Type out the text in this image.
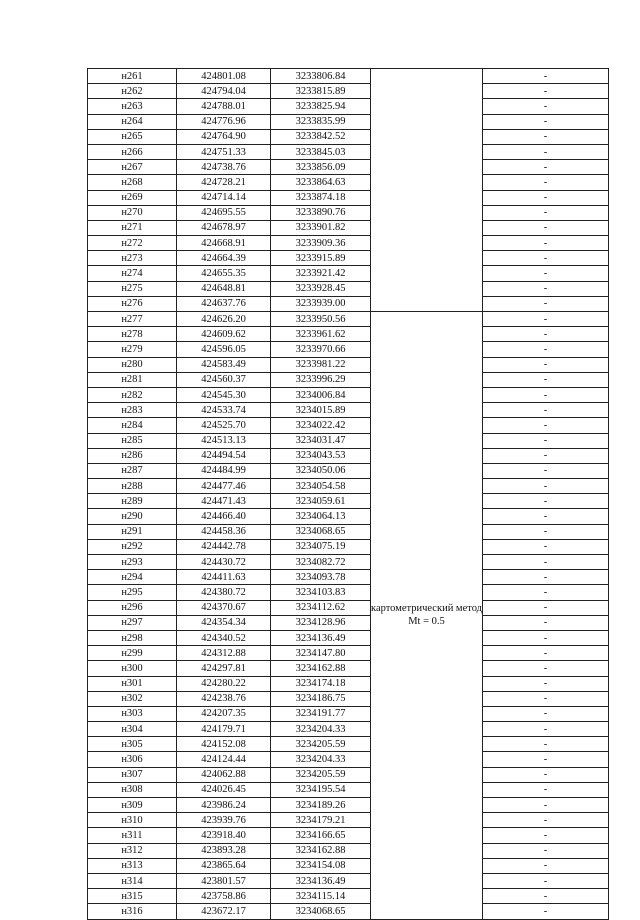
н261	424801.08	3233806.84		-
н262	424794.04	3233815.89		-
н263	424788.01	3233825.94		-
н264	424776.96	3233835.99		-
н265	424764.90	3233842.52		-
н266	424751.33	3233845.03		-
н267	424738.76	3233856.09		-
н268	424728.21	3233864.63		-
н269	424714.14	3233874.18		-
н270	424695.55	3233890.76		-
н271	424678.97	3233901.82		-
н272	424668.91	3233909.36		-
н273	424664.39	3233915.89		-
н274	424655.35	3233921.42		-
н275	424648.81	3233928.45		-
н276	424637.76	3233939.00		-
н277	424626.20	3233950.56	картометрический метод Mt = 0.5	-
н278	424609.62	3233961.62		-
н279	424596.05	3233970.66		-
н280	424583.49	3233981.22		-
н281	424560.37	3233996.29		-
н282	424545.30	3234006.84		-
н283	424533.74	3234015.89		-
н284	424525.70	3234022.42		-
н285	424513.13	3234031.47		-
н286	424494.54	3234043.53		-
н287	424484.99	3234050.06		-
н288	424477.46	3234054.58		-
н289	424471.43	3234059.61		-
н290	424466.40	3234064.13		-
н291	424458.36	3234068.65		-
н292	424442.78	3234075.19		-
н293	424430.72	3234082.72		-
н294	424411.63	3234093.78		-
н295	424380.72	3234103.83		-
н296	424370.67	3234112.62		-
н297	424354.34	3234128.96		-
н298	424340.52	3234136.49		-
н299	424312.88	3234147.80		-
н300	424297.81	3234162.88		-
н301	424280.22	3234174.18		-
н302	424238.76	3234186.75		-
н303	424207.35	3234191.77		-
н304	424179.71	3234204.33		-
н305	424152.08	3234205.59		-
н306	424124.44	3234204.33		-
н307	424062.88	3234205.59		-
н308	424026.45	3234195.54		-
н309	423986.24	3234189.26		-
н310	423939.76	3234179.21		-
н311	423918.40	3234166.65		-
н312	423893.28	3234162.88		-
н313	423865.64	3234154.08		-
н314	423801.57	3234136.49		-
н315	423758.86	3234115.14		-
н316	423672.17	3234068.65		-
